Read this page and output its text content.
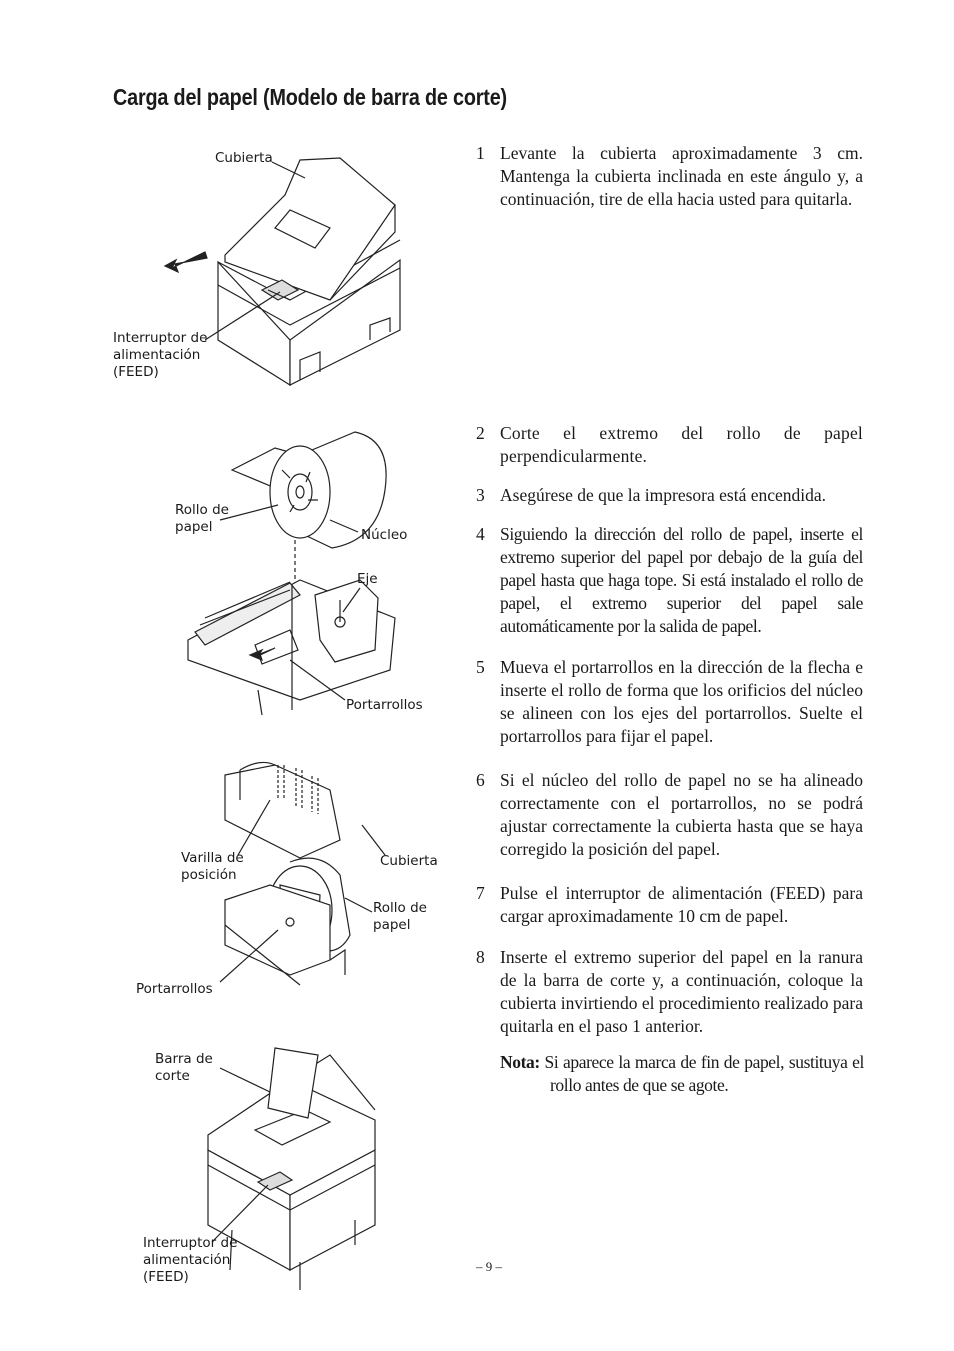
Carga del papel (Modelo de barra de corte)
Cubierta
Interruptor de
alimentación
(FEED)
Rollo de
papel	Núcleo
Eje
Portarrollos
Varilla de
posición
Cubierta
Rollo de
papel
Portarrollos
Barra de
corte
Interruptor de
alimentación
(FEED)
1 Levante la cubierta aproximadamente 3 cm. Mantenga la cubierta inclinada en este ángulo y, a continuación, tire de ella hacia usted para quitarla.
2 Corte el extremo del rollo de papel perpendicularmente.
3 Asegúrese de que la impresora está encendida.
4 Siguiendo la dirección del rollo de papel, inserte el extremo superior del papel por debajo de la guía del papel hasta que haga tope. Si está instalado el rollo de papel, el extremo superior del papel sale automáticamente por la salida de papel.
5 Mueva el portarrollos en la dirección de la flecha e inserte el rollo de forma que los orificios del núcleo se alineen con los ejes del portarrollos. Suelte el portarrollos para fijar el papel.
6 Si el núcleo del rollo de papel no se ha alineado correctamente con el portarrollos, no se podrá ajustar correctamente la cubierta hasta que se haya corregido la posición del papel.
7 Pulse el interruptor de alimentación (FEED) para cargar aproximadamente 10 cm de papel.
8 Inserte el extremo superior del papel en la ranura de la barra de corte y, a continuación, coloque la cubierta invirtiendo el procedimiento realizado para quitarla en el paso 1 anterior.
Nota: Si aparece la marca de fin de papel, sustituya el rollo antes de que se agote.
– 9 –
